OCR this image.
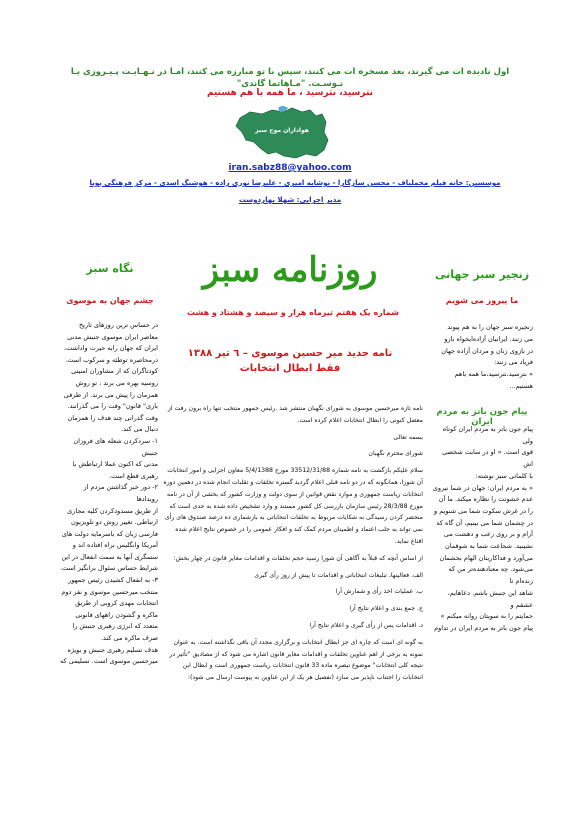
اول نادیده ات می گیرند، بعد مسخره ات می کنند، سپس با تو مبارزه می کنند، امـا در نـهـایـت پـیـروزی بـا تـوسـت. "مـاهاتما گاندی"
نترسید، نترسید ، ما همه با هم هستیم
هواداران موج سبز
iran.sabz88@yahoo.com
موسسین: خانه فیلم مخملباف - محسن سازگارا - نوشابه امیری - علیرضا نوری زاده - هوشنگ اسدی - مرکز فرهنگی پویا
مدیر اجرایی: شهلا بهاردوست
روزنامه سبز
شماره یک هفتم تیرماه هزار و سیصد و هشتاد و هشت
نگاه سبز
چشم جهان به موسوی
زنجیر سبز جهانی
ما پیروز می شویم
نامه جدید میر حسین موسوی – ٦ تیر ١٣٨٨
فقط ابطال انتخابات
در حساس ترین روزهای تاریخ
معاصر ایران موسوی جنبش مدنی
ایران که جهان رابه حیرت واداشت،
درمحاصره توطئه و سرکوب است.
کودتاگران که از مشاوران امنیتی
روسیه بهره می برند ، تو روش
همزمان را پیش می برند. از طرفی
بازی" قانون" وقت را می گذرانند.
وقت گذرانی چند هدف را همزمان
دنبال می کند.
۱- سردکردن شعله های فروزان
جنبش
مدنی که اکنون عملا ارتباطش با
رهبری قطع است.
۲- دور خبر گذاشتن مردم از رویدادها
از طریق مسدودکردن کلیه مجاری
ارتباطی. تغییر روش دو تلویزیون
فارسی زبان که باسرمایه دولت های
آمریکا وانگلیس براه افتاده اند و
ستمگری آنها به سمت انفعال در این
شرایط حساس سئوال برانگیز است.
۳- به انفعال کشیدن رئیس جمهور
منتخب میرحسین موسوی و نفر دوم
انتخابات مهدی کروبی از طریق
ماکره و گشودن راههای قانونی
متعدد که انرژی رهبری جنبش را
صرف ماکره می کند.
هدف تسلیم رهبری جنبش و بویژه
میرحسین موسوی است. تسلیمی که
زنجیره سبز جهان را به هم پیوند
می زنند. ایرانیان آزاده‌ایخواه بازو
در بازوی زنان و مردان آزاده جهان
فریاد می زنند:
« نترسید،نترسید،ما همه باهم هستیم...
پیام جون باتز به مردم ایران
پیام جون باتز به مردم ایران کوتاه ولی
قوی است. « او در سایت شخصی اش
با کلماتی سبز نوشته:
« به مردم ایران: جهان در شما نیروی
عدم خشونت را نظاره میکند. ما آن
را در غرش سکوت شما می شنویم و
در چشمان شما می بینیم، آن گاه که
آرام و بر روی رعب و دهشت می
نشینید. شجاعت شما به شوقمان
می‌آورد و فداکاریتان الهام بخشمان
می‌شود. چه معنادهنده‌تر من که زنده‌ام تا
شاهد این جنبش باشم. دعاهایم، عشقم و
حمایتم را به سویتان روانه میکنم »
پیام جون باتز به مردم ایران در تداوم

نامه تازه میرحسین موسوی به شورای نگهبان منتشر شد .رئیس جمهور منتخب تنها راه برون رفت از معضل کنونی را ابطال انتخابات اعلام کرده است.

بسمه تعالی

شورای محترم نگهبان

سلام علیکم بازگشت به نامه شماره 33512/31/88 مورخ 5/4/1388 معاون اجرایی و امور انتخابات آن شورا، همانگونه که در دو نامه قبلی اعلام گردید گستره تخلفات و تقلبات انجام شده در دهمین دوره انتخابات ریاست جمهوری و موارد نقض قوانین از سوی دولت و وزارت کشور که بخشی از آن در نامه مورخ 28/3/88 رئیس سازمان بازرسی کل کشور مستند و وارد تشخیص داده شده به حدی است که منحصر کردن رسیدگی به شکایات مربوط به تخلفات انتخاباتی به بازشماری ده درصد صندوق های رأی نمی تواند به جلب اعتماد و اطمینان مردم کمک کند و افکار عمومی را در خصوص نتایج اعلام شده اقناع نماید.

از اساس آنچه که قبلاً به آگاهی آن شورا رسید حجم تخلفات و اقدامات مغایر قانون در چهار بخش:

الف. فعالیتها، تبلیغات انتخاباتی و اقدامات تا پیش از روز رأی گیری

ب. عملیات اخذ رأی و شمارش آرا

ج. جمع بندی و اعلام نتایج آرا

د. اقدامات پس از رأی گیری و اعلام نتایج آرا

به گونه ای است که چاره ای جز ابطال انتخابات و برگزاری مجدد آن باقی نگذاشته است. به عنوان نمونه به برخی از اهم عناوین تخلفات و اقدامات مغایر قانون اشاره می شود که از مصادیق "تأثیر در نتیجه کلی انتخابات" موضوع تبصره ماده 33 قانون انتخابات ریاست جمهوری است و ابطال این انتخابات را اجتناب ناپذیر می سازد (تفصیل هر یک از این عناوین به پیوست ارسال می شود):
